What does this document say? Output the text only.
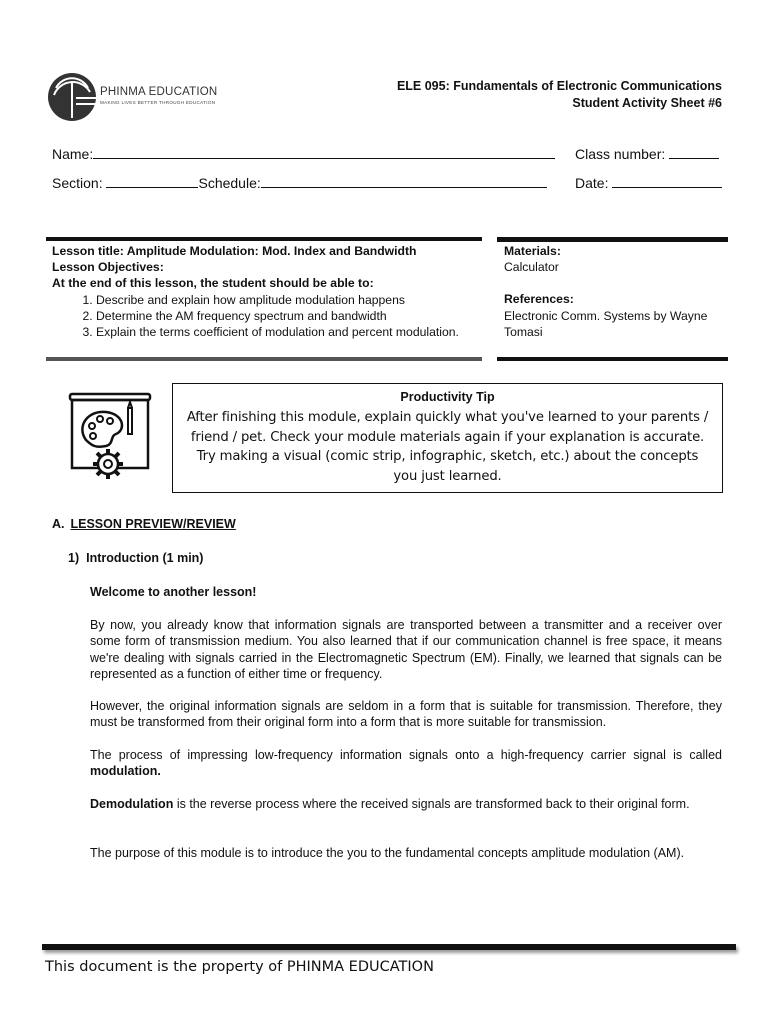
PHINMA EDUCATION
MAKING LIVES BETTER THROUGH EDUCATION
ELE 095: Fundamentals of Electronic Communications
Student Activity Sheet #6
Name:	Class number:
Section:	Schedule:	Date:
Lesson title: Amplitude Modulation: Mod. Index and Bandwidth
Lesson Objectives:
At the end of this lesson, the student should be able to:
1. Describe and explain how amplitude modulation happens
2. Determine the AM frequency spectrum and bandwidth
3. Explain the terms coefficient of modulation and percent modulation.
Materials:
Calculator
References:
Electronic Comm. Systems by Wayne Tomasi
Productivity Tip
After finishing this module, explain quickly what you've learned to your parents / friend / pet. Check your module materials again if your explanation is accurate. Try making a visual (comic strip, infographic, sketch, etc.) about the concepts you just learned.
A. LESSON PREVIEW/REVIEW
1) Introduction (1 min)
Welcome to another lesson!
By now, you already know that information signals are transported between a transmitter and a receiver over some form of transmission medium. You also learned that if our communication channel is free space, it means we're dealing with signals carried in the Electromagnetic Spectrum (EM). Finally, we learned that signals can be represented as a function of either time or frequency.
However, the original information signals are seldom in a form that is suitable for transmission. Therefore, they must be transformed from their original form into a form that is more suitable for transmission.
The process of impressing low-frequency information signals onto a high-frequency carrier signal is called modulation.
Demodulation is the reverse process where the received signals are transformed back to their original form.
The purpose of this module is to introduce the you to the fundamental concepts amplitude modulation (AM).
This document is the property of PHINMA EDUCATION
